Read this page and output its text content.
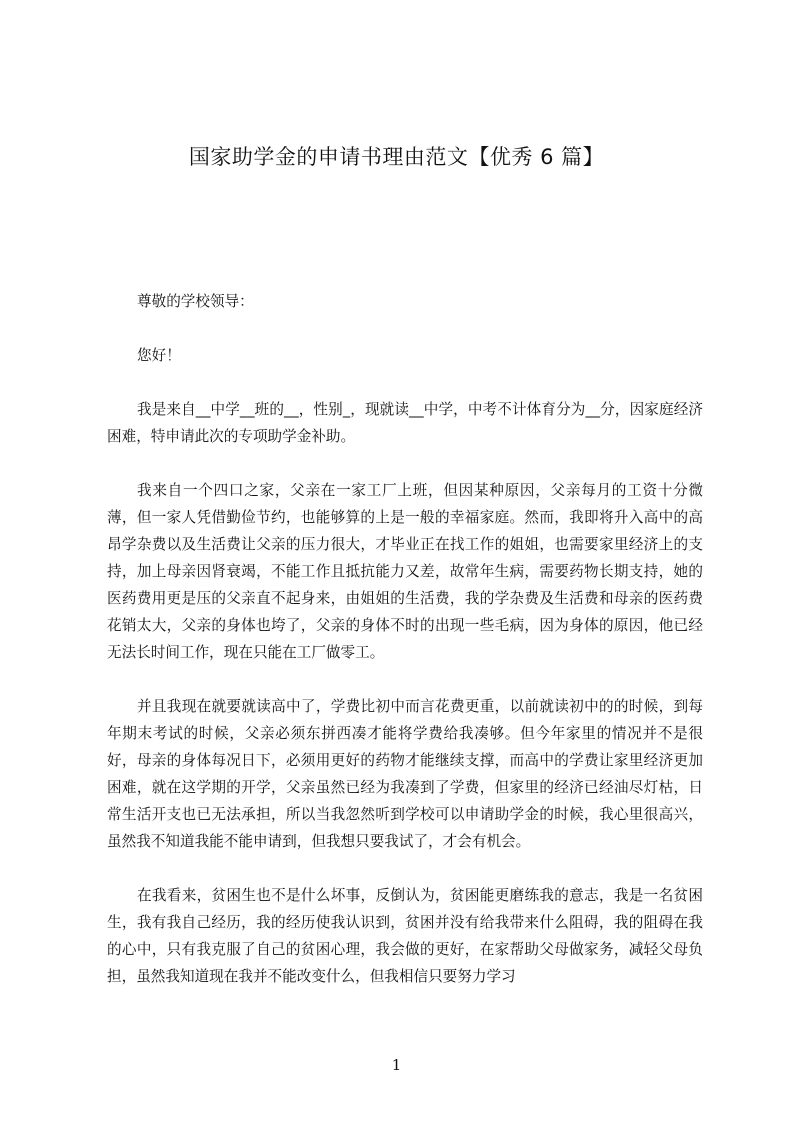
国家助学金的申请书理由范文【优秀 6 篇】

尊敬的学校领导：

您好！

我是来自__中学__班的__，性别_，现就读__中学，中考不计体育分为__分，因家庭经济困难，特申请此次的专项助学金补助。

我来自一个四口之家，父亲在一家工厂上班，但因某种原因，父亲每月的工资十分微薄，但一家人凭借勤俭节约，也能够算的上是一般的幸福家庭。然而，我即将升入高中的高昂学杂费以及生活费让父亲的压力很大，才毕业正在找工作的姐姐，也需要家里经济上的支持，加上母亲因肾衰竭，不能工作且抵抗能力又差，故常年生病，需要药物长期支持，她的医药费用更是压的父亲直不起身来，由姐姐的生活费，我的学杂费及生活费和母亲的医药费花销太大，父亲的身体也垮了，父亲的身体不时的出现一些毛病，因为身体的原因，他已经无法长时间工作，现在只能在工厂做零工。

并且我现在就要就读高中了，学费比初中而言花费更重，以前就读初中的的时候，到每年期末考试的时候，父亲必须东拼西凑才能将学费给我凑够。但今年家里的情况并不是很好，母亲的身体每况日下，必须用更好的药物才能继续支撑，而高中的学费让家里经济更加困难，就在这学期的开学，父亲虽然已经为我凑到了学费，但家里的经济已经油尽灯枯，日常生活开支也已无法承担，所以当我忽然听到学校可以申请助学金的时候，我心里很高兴，虽然我不知道我能不能申请到，但我想只要我试了，才会有机会。

在我看来，贫困生也不是什么坏事，反倒认为，贫困能更磨练我的意志，我是一名贫困生，我有我自己经历，我的经历使我认识到，贫困并没有给我带来什么阻碍，我的阻碍在我的心中，只有我克服了自己的贫困心理，我会做的更好，在家帮助父母做家务，减轻父母负担，虽然我知道现在我并不能改变什么，但我相信只要努力学习

1
